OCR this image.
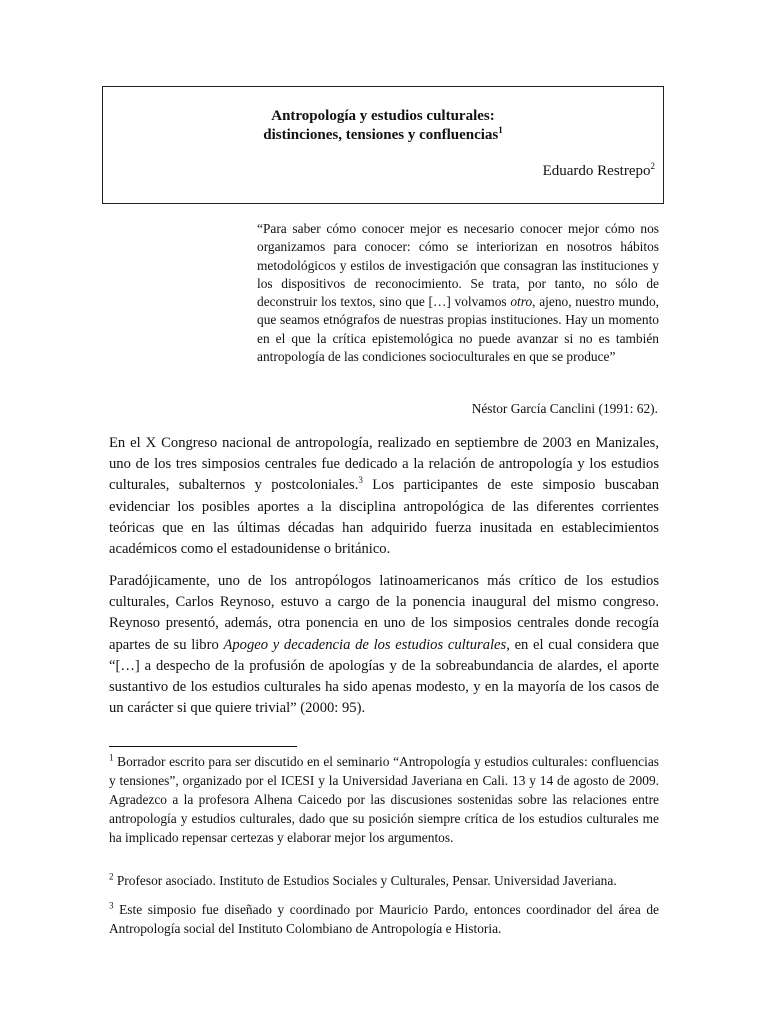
Antropología y estudios culturales:
distinciones, tensiones y confluencias$^1$
Eduardo Restrepo$^2$
“Para saber cómo conocer mejor es necesario conocer mejor cómo nos organizamos para conocer: cómo se interiorizan en nosotros hábitos metodológicos y estilos de investigación que consagran las instituciones y los dispositivos de reconocimiento. Se trata, por tanto, no sólo de deconstruir los textos, sino que […] volvamos otro, ajeno, nuestro mundo, que seamos etnógrafos de nuestras propias instituciones. Hay un momento en el que la crítica epistemológica no puede avanzar si no es también antropología de las condiciones socioculturales en que se produce”
Néstor García Canclini (1991: 62).

En el X Congreso nacional de antropología, realizado en septiembre de 2003 en Manizales, uno de los tres simposios centrales fue dedicado a la relación de antropología y los estudios culturales, subalternos y postcoloniales.$^3$ Los participantes de este simposio buscaban evidenciar los posibles aportes a la disciplina antropológica de las diferentes corrientes teóricas que en las últimas décadas han adquirido fuerza inusitada en establecimientos académicos como el estadounidense o británico.

Paradójicamente, uno de los antropólogos latinoamericanos más crítico de los estudios culturales, Carlos Reynoso, estuvo a cargo de la ponencia inaugural del mismo congreso. Reynoso presentó, además, otra ponencia en uno de los simposios centrales donde recogía apartes de su libro Apogeo y decadencia de los estudios culturales, en el cual considera que “[…] a despecho de la profusión de apologías y de la sobreabundancia de alardes, el aporte sustantivo de los estudios culturales ha sido apenas modesto, y en la mayoría de los casos de un carácter si que quiere trivial” (2000: 95).

$^1$ Borrador escrito para ser discutido en el seminario “Antropología y estudios culturales: confluencias y tensiones”, organizado por el ICESI y la Universidad Javeriana en Cali. 13 y 14 de agosto de 2009. Agradezco a la profesora Alhena Caicedo por las discusiones sostenidas sobre las relaciones entre antropología y estudios culturales, dado que su posición siempre crítica de los estudios culturales me ha implicado repensar certezas y elaborar mejor los argumentos.

$^2$ Profesor asociado. Instituto de Estudios Sociales y Culturales, Pensar. Universidad Javeriana.

$^3$ Este simposio fue diseñado y coordinado por Mauricio Pardo, entonces coordinador del área de Antropología social del Instituto Colombiano de Antropología e Historia.
